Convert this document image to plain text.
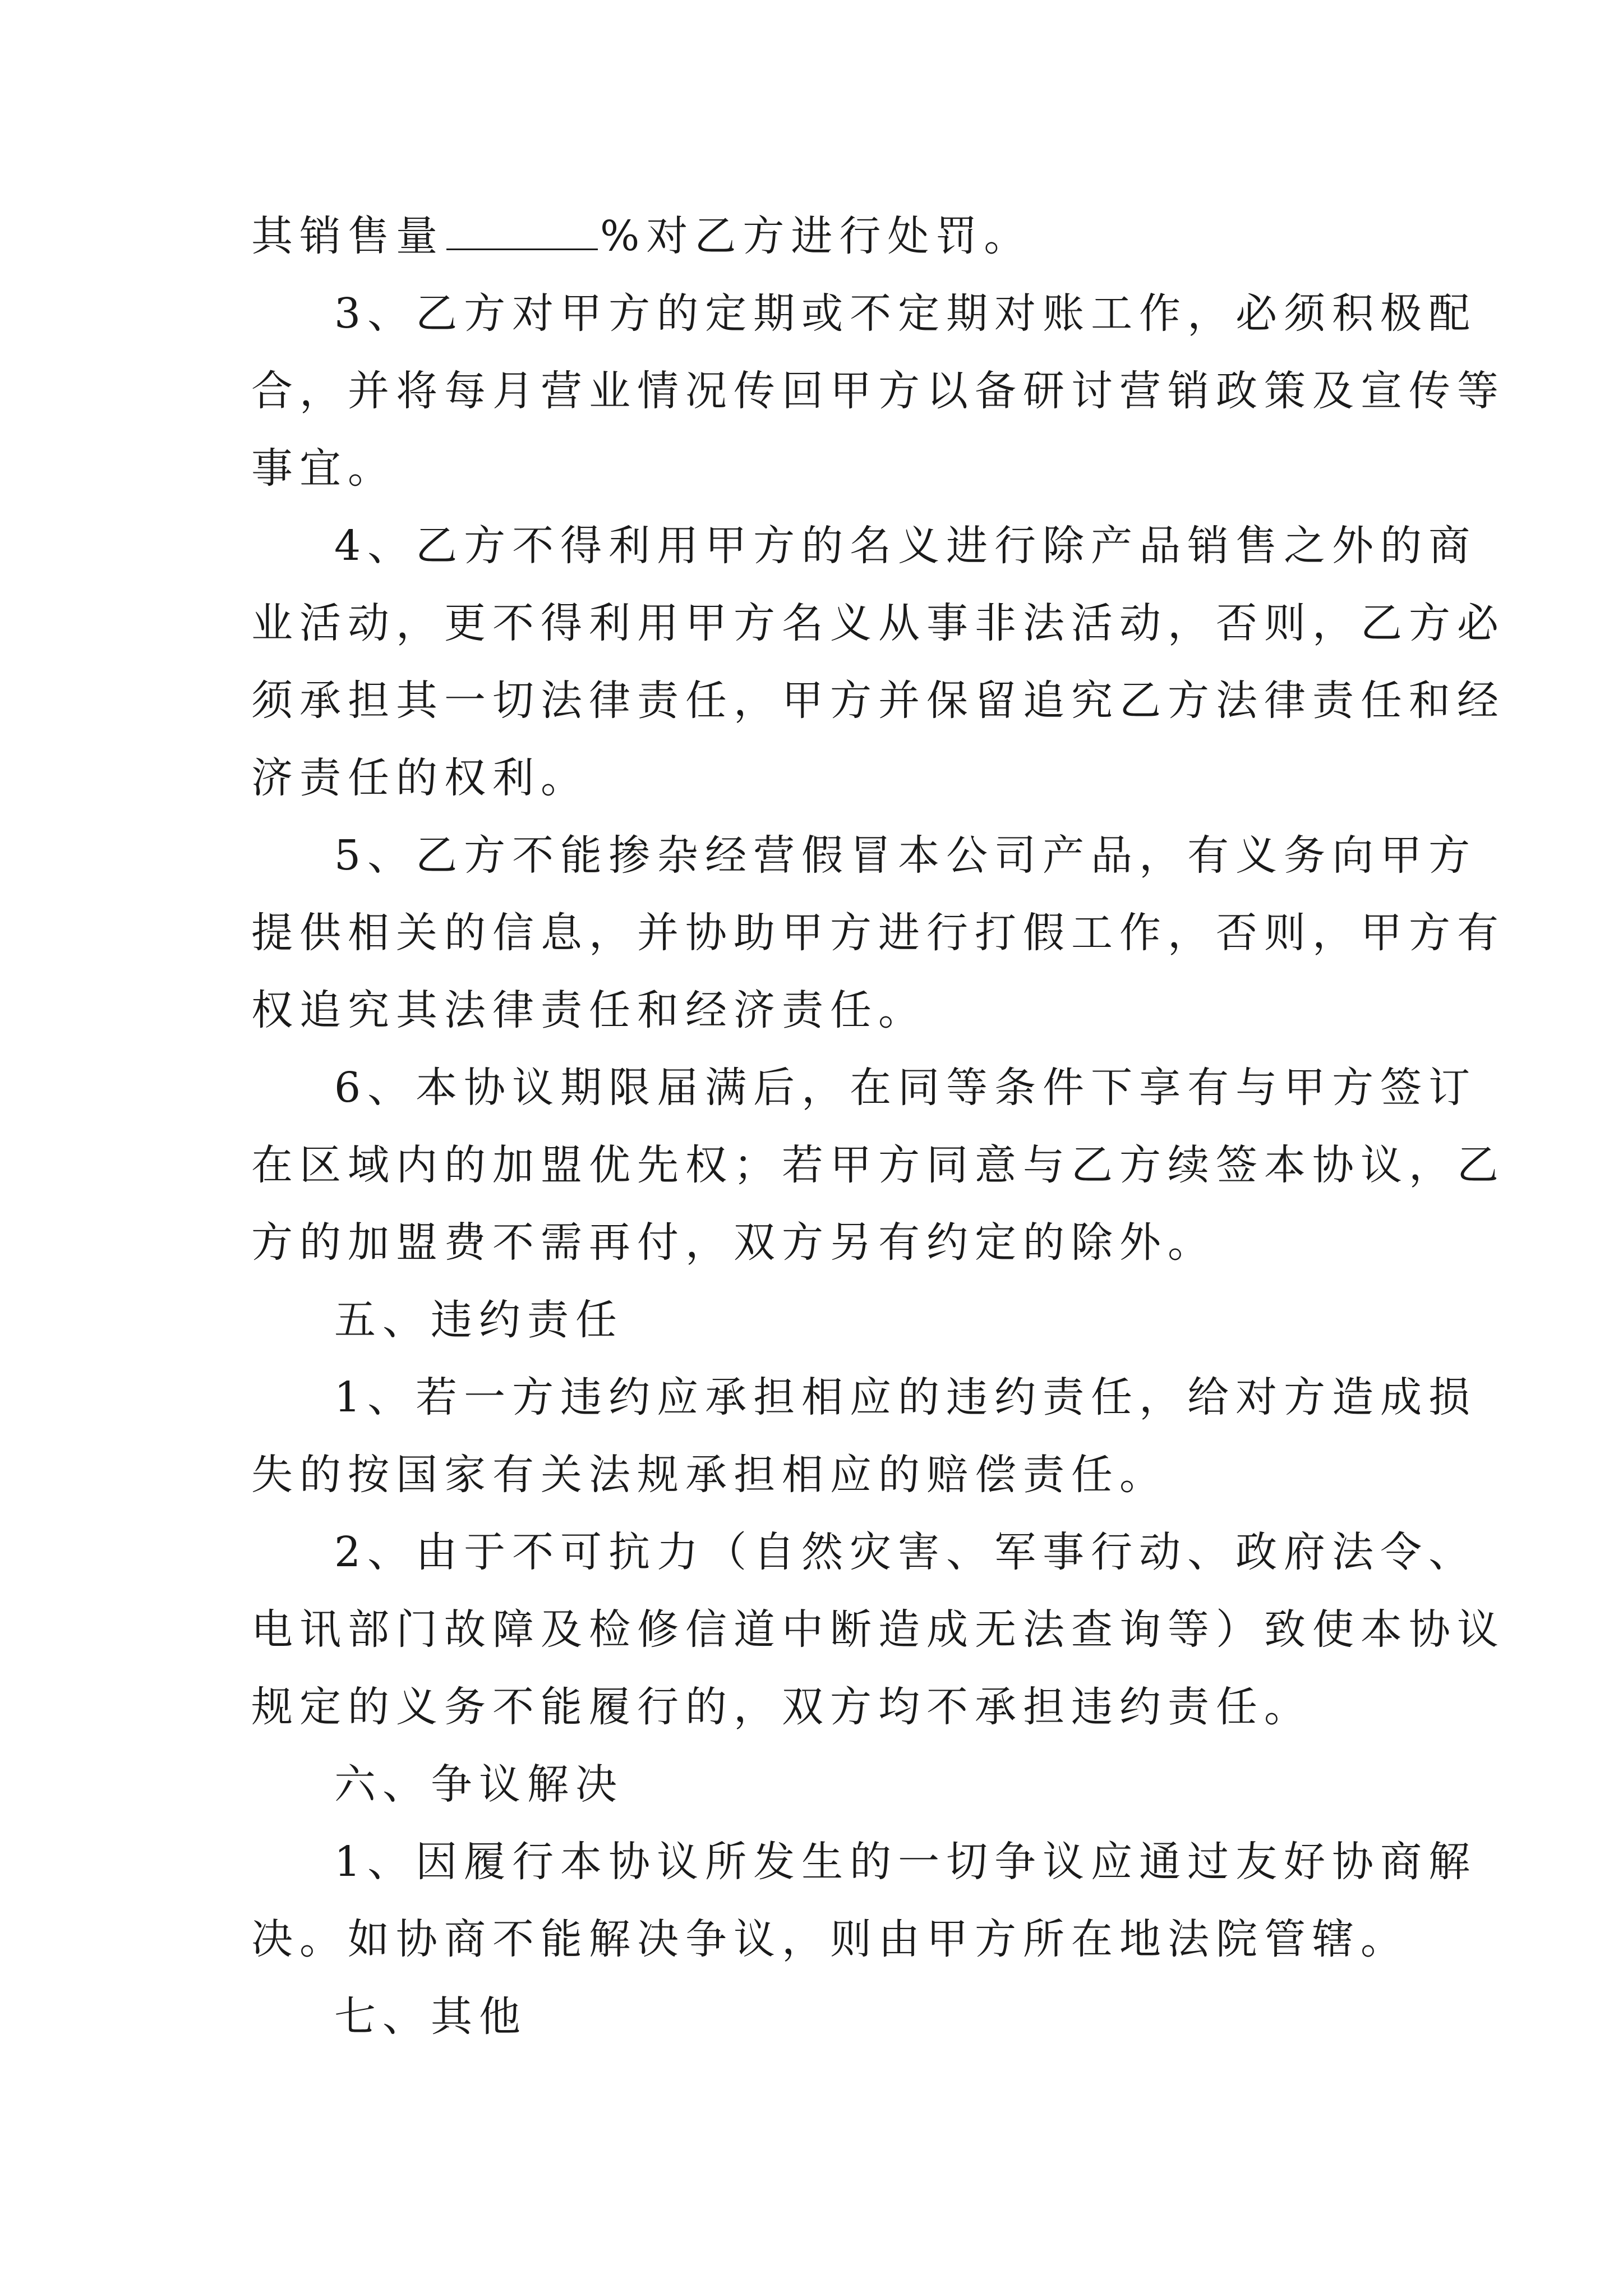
其销售量	%对乙方进行处罚。
3、乙方对甲方的定期或不定期对账工作，必须积极配
合，并将每月营业情况传回甲方以备研讨营销政策及宣传等
事宜。
4、乙方不得利用甲方的名义进行除产品销售之外的商
业活动，更不得利用甲方名义从事非法活动，否则，乙方必
须承担其一切法律责任，甲方并保留追究乙方法律责任和经
济责任的权利。
5、乙方不能掺杂经营假冒本公司产品，有义务向甲方
提供相关的信息，并协助甲方进行打假工作，否则，甲方有
权追究其法律责任和经济责任。
6、本协议期限届满后，在同等条件下享有与甲方签订
在区域内的加盟优先权；若甲方同意与乙方续签本协议，乙
方的加盟费不需再付，双方另有约定的除外。
五、违约责任
1、若一方违约应承担相应的违约责任，给对方造成损
失的按国家有关法规承担相应的赔偿责任。
2、由于不可抗力（自然灾害、军事行动、政府法令、
电讯部门故障及检修信道中断造成无法查询等）致使本协议
规定的义务不能履行的，双方均不承担违约责任。
六、争议解决
1、因履行本协议所发生的一切争议应通过友好协商解
决。如协商不能解决争议，则由甲方所在地法院管辖。
七、其他
